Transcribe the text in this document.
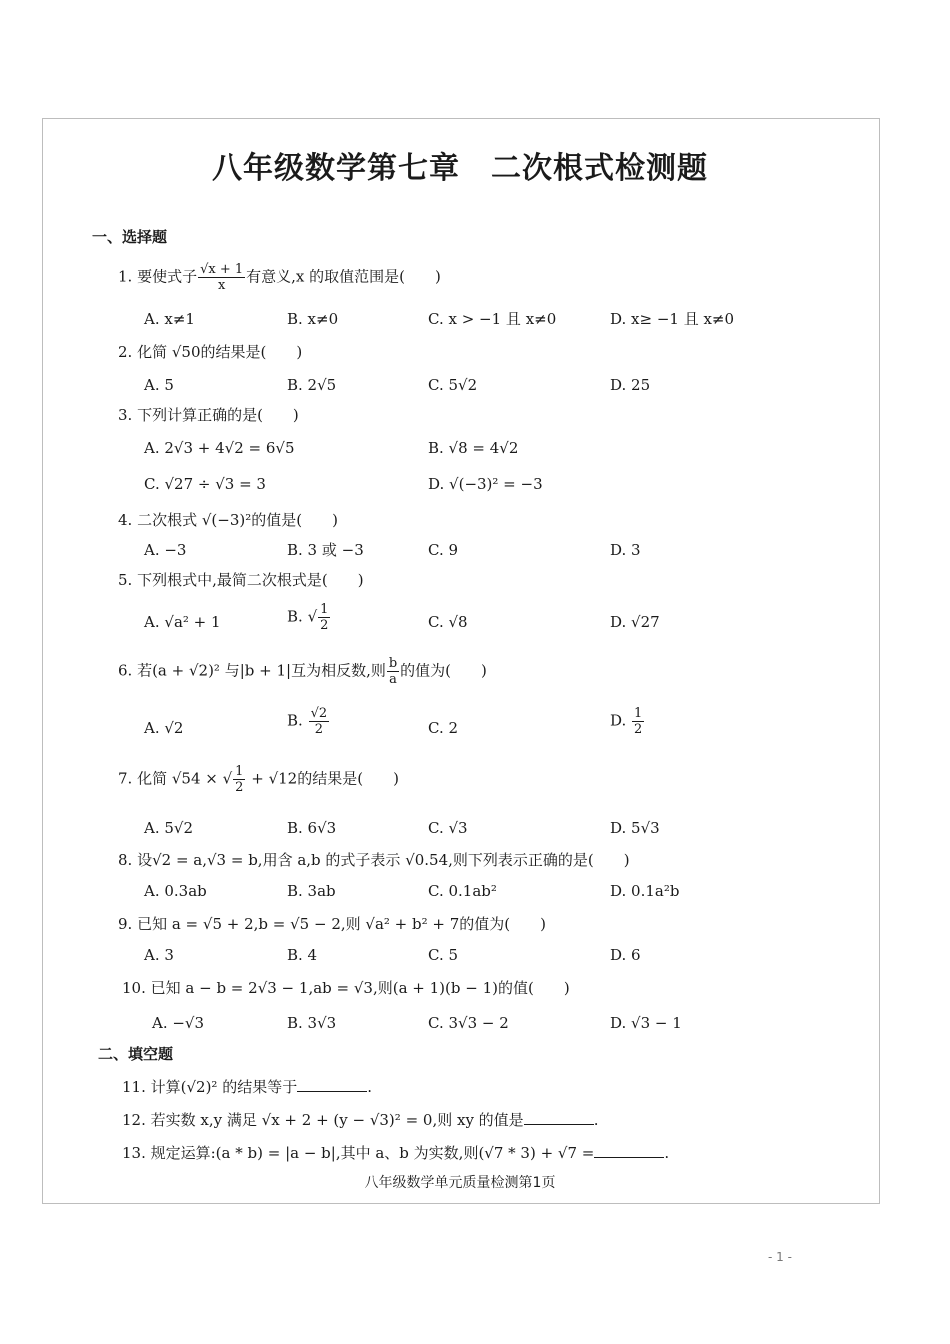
八年级数学第七章　二次根式检测题
一、选择题
1. 要使式子 $\frac{√x + 1}{x}$ 有意义,x 的取值范围是(　　)
A. x≠1	B. x≠0	C. x > −1 且 x≠0	D. x≥ −1 且 x≠0
2. 化简 √50的结果是(　　)
A. 5	B. 2√5	C. 5√2	D. 25
3. 下列计算正确的是(　　)
A. 2√3 + 4√2 = 6√5	B. √8 = 4√2
C. √27 ÷ √3 = 3	D. √(−3)² = −3
4. 二次根式 √(−3)²的值是(　　)
A. −3	B. 3 或 −3	C. 9	D. 3
5. 下列根式中,最简二次根式是(　　)
A. √a² + 1	B. √ $\frac{1}{2}$	C. √8	D. √27
6. 若(a + √2)² 与|b + 1|互为相反数,则 $\frac{b}{a}$ 的值为(　　)
A. √2	B. $\frac{√2}{2}$	C. 2	D. $\frac{1}{2}$
7. 化简 √54 × √ $\frac{1}{2} + √12$的结果是(　　)
A. 5√2	B. 6√3	C. √3	D. 5√3
8. 设√2 = a,√3 = b,用含 a,b 的式子表示 √0.54,则下列表示正确的是(　　)
A. 0.3ab	B. 3ab	C. 0.1ab²	D. 0.1a²b
9. 已知 a = √5 + 2,b = √5 − 2,则 √a² + b² + 7的值为(　　)
A. 3	B. 4	C. 5	D. 6
10. 已知 a − b = 2√3 − 1,ab = √3,则(a + 1)(b − 1)的值(　　)
A. −√3	B. 3√3	C. 3√3 − 2	D. √3 − 1
二、填空题
11. 计算(√2)² 的结果等于	.
12. 若实数 x,y 满足 √x + 2 + (y − √3)² = 0,则 xy 的值是	.
13. 规定运算:(a * b) = |a − b|,其中 a、b 为实数,则(√7 * 3) + √7 =	.
八年级数学单元质量检测第1页
- 1 -
